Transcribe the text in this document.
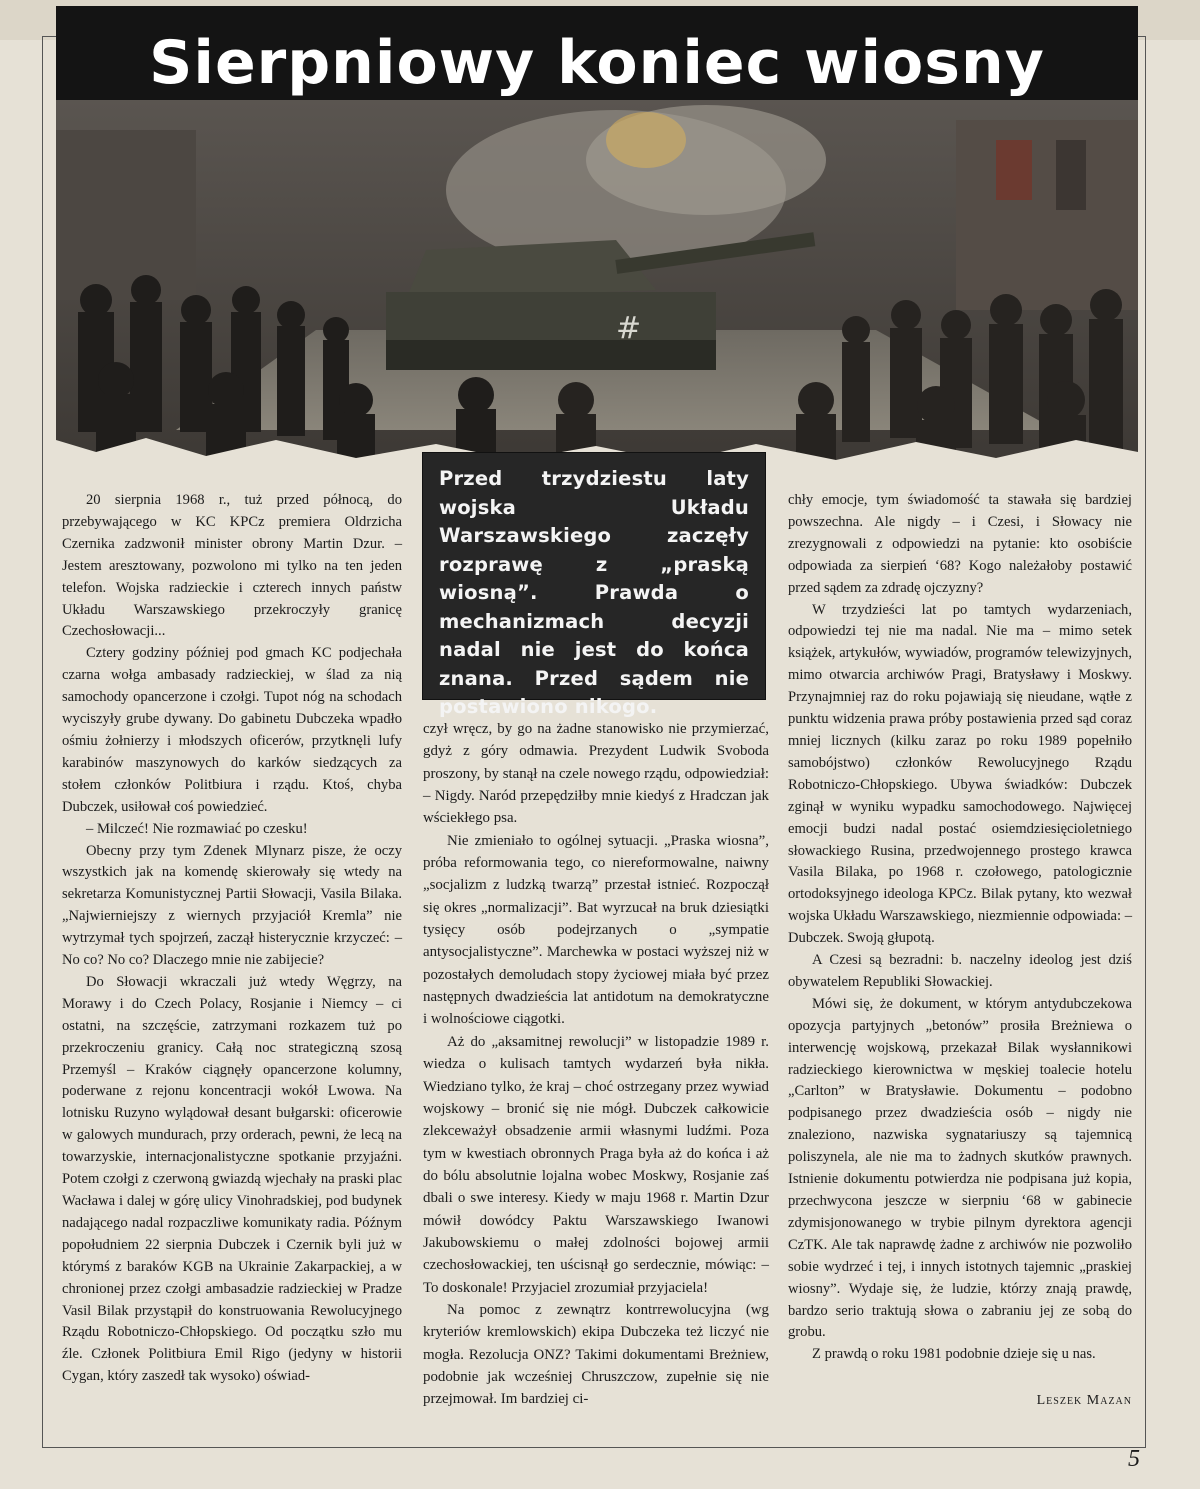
Sierpniowy koniec wiosny
#

Przed trzydziestu laty wojska Układu Warszawskiego zaczęły rozprawę z „praską wiosną”. Prawda o mechanizmach decyzji nadal nie jest do końca znana. Przed sądem nie postawiono nikogo.

20 sierpnia 1968 r., tuż przed północą, do przebywającego w KC KPCz premiera Oldrzicha Czernika zadzwonił minister obrony Martin Dzur. – Jestem aresztowany, pozwolono mi tylko na ten jeden telefon. Wojska radzieckie i czterech innych państw Układu Warszawskiego przekroczyły granicę Czechosłowacji...

Cztery godziny później pod gmach KC podjechała czarna wołga ambasady radzieckiej, w ślad za nią samochody opancerzone i czołgi. Tupot nóg na schodach wyciszyły grube dywany. Do gabinetu Dubczeka wpadło ośmiu żołnierzy i młodszych oficerów, przytknęli lufy karabinów maszynowych do karków siedzących za stołem członków Politbiura i rządu. Ktoś, chyba Dubczek, usiłował coś powiedzieć.

– Milczeć! Nie rozmawiać po czesku!

Obecny przy tym Zdenek Mlynarz pisze, że oczy wszystkich jak na komendę skierowały się wtedy na sekretarza Komunistycznej Partii Słowacji, Vasila Bilaka. „Najwierniejszy z wiernych przyjaciół Kremla” nie wytrzymał tych spojrzeń, zaczął histerycznie krzyczeć: – No co? No co? Dlaczego mnie nie zabijecie?

Do Słowacji wkraczali już wtedy Węgrzy, na Morawy i do Czech Polacy, Rosjanie i Niemcy – ci ostatni, na szczęście, zatrzymani rozkazem tuż po przekroczeniu granicy. Całą noc strategiczną szosą Przemyśl – Kraków ciągnęły opancerzone kolumny, poderwane z rejonu koncentracji wokół Lwowa. Na lotnisku Ruzyno wylądował desant bułgarski: oficerowie w galowych mundurach, przy orderach, pewni, że lecą na towarzyskie, internacjonalistyczne spotkanie przyjaźni. Potem czołgi z czerwoną gwiazdą wjechały na praski plac Wacława i dalej w górę ulicy Vinohradskiej, pod budynek nadającego nadal rozpaczliwe komunikaty radia. Późnym popołudniem 22 sierpnia Dubczek i Czernik byli już w którymś z baraków KGB na Ukrainie Zakarpackiej, a w chronionej przez czołgi ambasadzie radzieckiej w Pradze Vasil Bilak przystąpił do konstruowania Rewolucyjnego Rządu Robotniczo-Chłopskiego. Od początku szło mu źle. Członek Politbiura Emil Rigo (jedyny w historii Cygan, który zaszedł tak wysoko) oświad-

czył wręcz, by go na żadne stanowisko nie przymierzać, gdyż z góry odmawia. Prezydent Ludwik Svoboda proszony, by stanął na czele nowego rządu, odpowiedział: – Nigdy. Naród przepędziłby mnie kiedyś z Hradczan jak wściekłego psa.

Nie zmieniało to ogólnej sytuacji. „Praska wiosna”, próba reformowania tego, co niereformowalne, naiwny „socjalizm z ludzką twarzą” przestał istnieć. Rozpoczął się okres „normalizacji”. Bat wyrzucał na bruk dziesiątki tysięcy osób podejrzanych o „sympatie antysocjalistyczne”. Marchewka w postaci wyższej niż w pozostałych demoludach stopy życiowej miała być przez następnych dwadzieścia lat antidotum na demokratyczne i wolnościowe ciągotki.

Aż do „aksamitnej rewolucji” w listopadzie 1989 r. wiedza o kulisach tamtych wydarzeń była nikła. Wiedziano tylko, że kraj – choć ostrzegany przez wywiad wojskowy – bronić się nie mógł. Dubczek całkowicie zlekceważył obsadzenie armii własnymi ludźmi. Poza tym w kwestiach obronnych Praga była aż do końca i aż do bólu absolutnie lojalna wobec Moskwy, Rosjanie zaś dbali o swe interesy. Kiedy w maju 1968 r. Martin Dzur mówił dowódcy Paktu Warszawskiego Iwanowi Jakubowskiemu o małej zdolności bojowej armii czechosłowackiej, ten uścisnął go serdecznie, mówiąc: – To doskonale! Przyjaciel zrozumiał przyjaciela!

Na pomoc z zewnątrz kontrrewolucyjna (wg kryteriów kremlowskich) ekipa Dubczeka też liczyć nie mogła. Rezolucja ONZ? Takimi dokumentami Breżniew, podobnie jak wcześniej Chruszczow, zupełnie się nie przejmował. Im bardziej ci-

chły emocje, tym świadomość ta stawała się bardziej powszechna. Ale nigdy – i Czesi, i Słowacy nie zrezygnowali z odpowiedzi na pytanie: kto osobiście odpowiada za sierpień ‘68? Kogo należałoby postawić przed sądem za zdradę ojczyzny?

W trzydzieści lat po tamtych wydarzeniach, odpowiedzi tej nie ma nadal. Nie ma – mimo setek książek, artykułów, wywiadów, programów telewizyjnych, mimo otwarcia archiwów Pragi, Bratysławy i Moskwy. Przynajmniej raz do roku pojawiają się nieudane, wątłe z punktu widzenia prawa próby postawienia przed sąd coraz mniej licznych (kilku zaraz po roku 1989 popełniło samobójstwo) członków Rewolucyjnego Rządu Robotniczo-Chłopskiego. Ubywa świadków: Dubczek zginął w wyniku wypadku samochodowego. Najwięcej emocji budzi nadal postać osiemdziesięcioletniego słowackiego Rusina, przedwojennego prostego krawca Vasila Bilaka, po 1968 r. czołowego, patologicznie ortodoksyjnego ideologa KPCz. Bilak pytany, kto wezwał wojska Układu Warszawskiego, niezmiennie odpowiada: – Dubczek. Swoją głupotą.

A Czesi są bezradni: b. naczelny ideolog jest dziś obywatelem Republiki Słowackiej.

Mówi się, że dokument, w którym antydubczekowa opozycja partyjnych „betonów” prosiła Breżniewa o interwencję wojskową, przekazał Bilak wysłannikowi radzieckiego kierownictwa w męskiej toalecie hotelu „Carlton” w Bratysławie. Dokumentu – podobno podpisanego przez dwadzieścia osób – nigdy nie znaleziono, nazwiska sygnatariuszy są tajemnicą poliszynela, ale nie ma to żadnych skutków prawnych. Istnienie dokumentu potwierdza nie podpisana już kopia, przechwycona jeszcze w sierpniu ‘68 w gabinecie zdymisjonowanego w trybie pilnym dyrektora agencji CzTK. Ale tak naprawdę żadne z archiwów nie pozwoliło sobie wydrzeć i tej, i innych istotnych tajemnic „praskiej wiosny”. Wydaje się, że ludzie, którzy znają prawdę, bardzo serio traktują słowa o zabraniu jej ze sobą do grobu.

Z prawdą o roku 1981 podobnie dzieje się u nas.

Leszek Mazan

5
